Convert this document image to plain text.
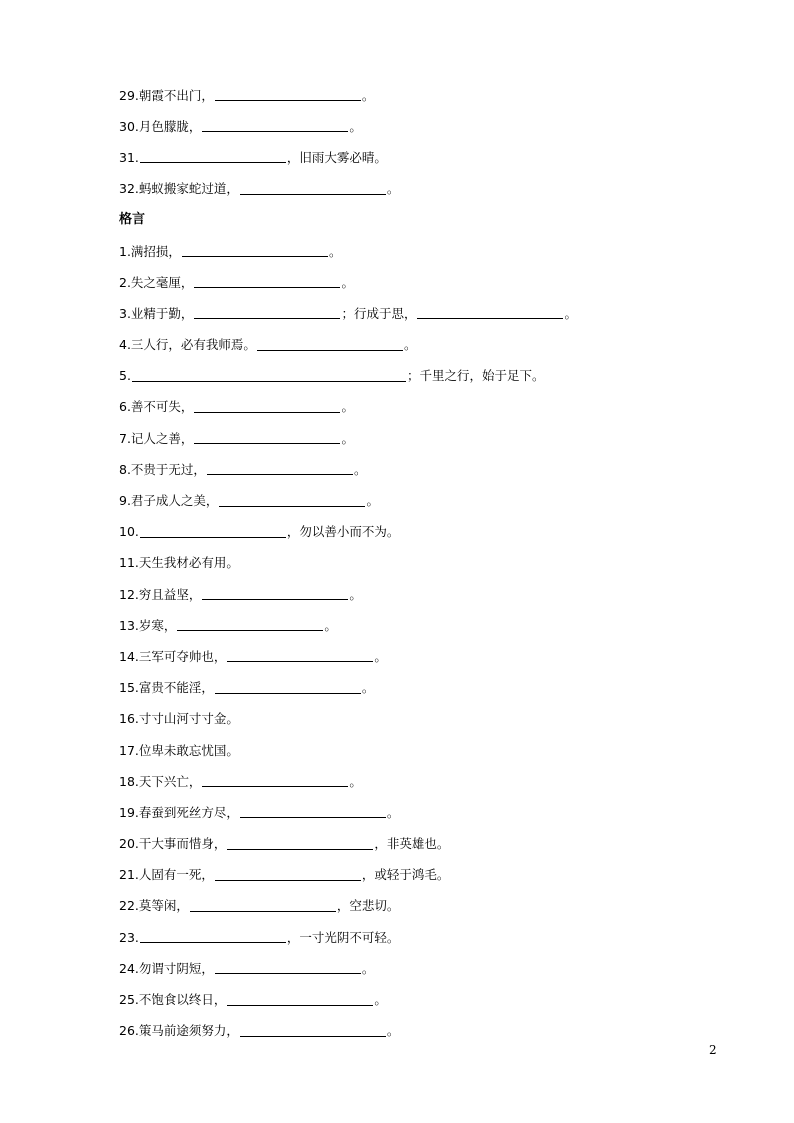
29.朝霞不出门，	。
30.月色朦胧，	。
31.	，旧雨大雾必晴。
32.蚂蚁搬家蛇过道，	。
格言
1.满招损，	。
2.失之毫厘，	。
3.业精于勤，	；行成于思，	。
4.三人行，必有我师焉。	。
5.	；千里之行，始于足下。
6.善不可失，	。
7.记人之善，	。
8.不贵于无过，	。
9.君子成人之美，	。
10.	，勿以善小而不为。
11.天生我材必有用。
12.穷且益坚，	。
13.岁寒，	。
14.三军可夺帅也，	。
15.富贵不能淫，	。
16.寸寸山河寸寸金。
17.位卑未敢忘忧国。
18.天下兴亡，	。
19.春蚕到死丝方尽，	。
20.干大事而惜身，	，非英雄也。
21.人固有一死，	，或轻于鸿毛。
22.莫等闲，	，空悲切。
23.	，一寸光阴不可轻。
24.勿谓寸阴短，	。
25.不饱食以终日，	。
26.策马前途须努力，	。
2
